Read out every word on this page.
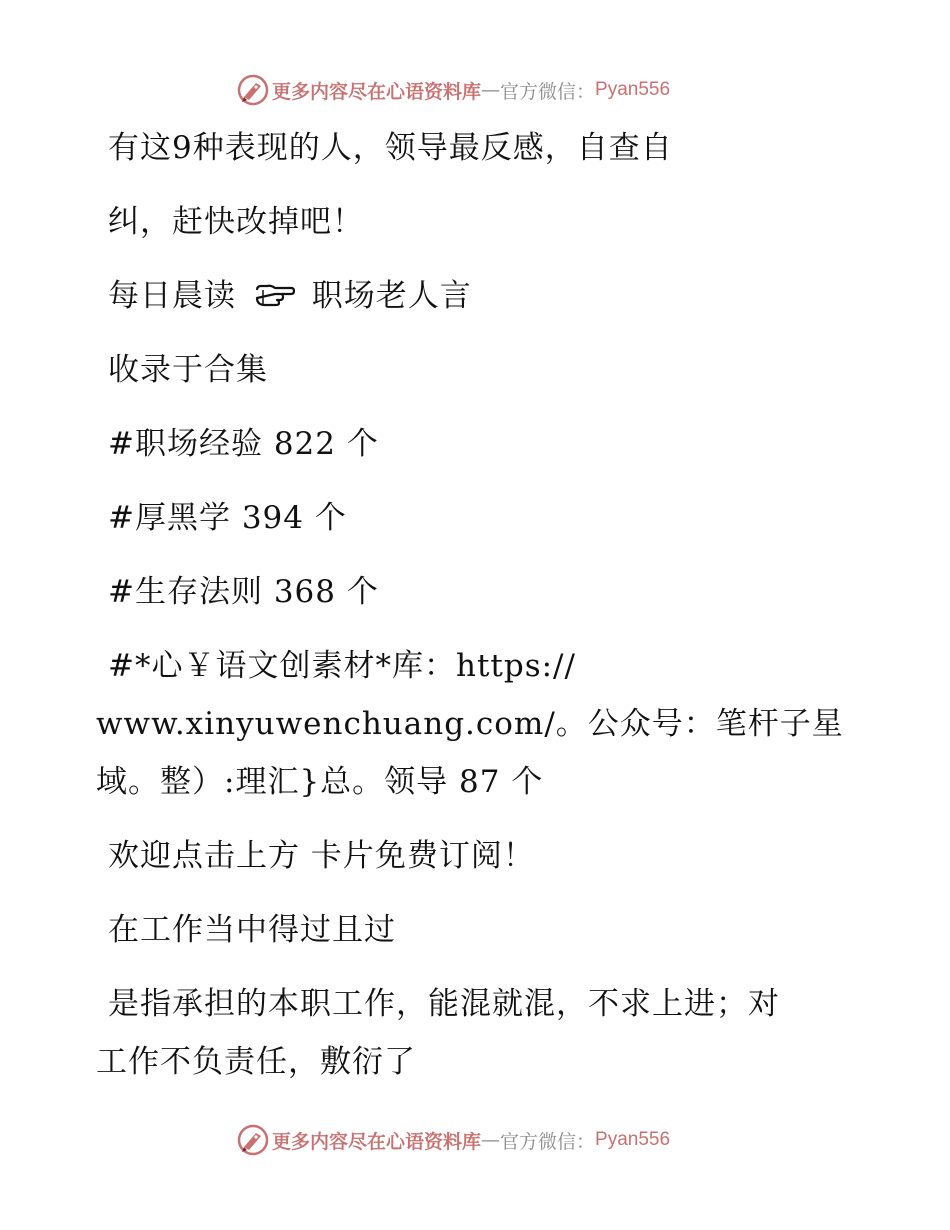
更多内容尽在心语资料库 — 官方微信： Pyan556
有这9种表现的人，领导最反感，自查自
纠，赶快改掉吧！
每日晨读 职场老人言
收录于合集
#职场经验 822 个
#厚黑学 394 个
#生存法则 368 个
#*心￥语文创素材*库：https://
www.xinyuwenchuang.com/。公众号：笔杆子星
域。整）:理汇}总。领导 87 个
欢迎点击上方 卡片免费订阅！
在工作当中得过且过
是指承担的本职工作，能混就混，不求上进；对
工作不负责任，敷衍了
更多内容尽在心语资料库 — 官方微信： Pyan556
